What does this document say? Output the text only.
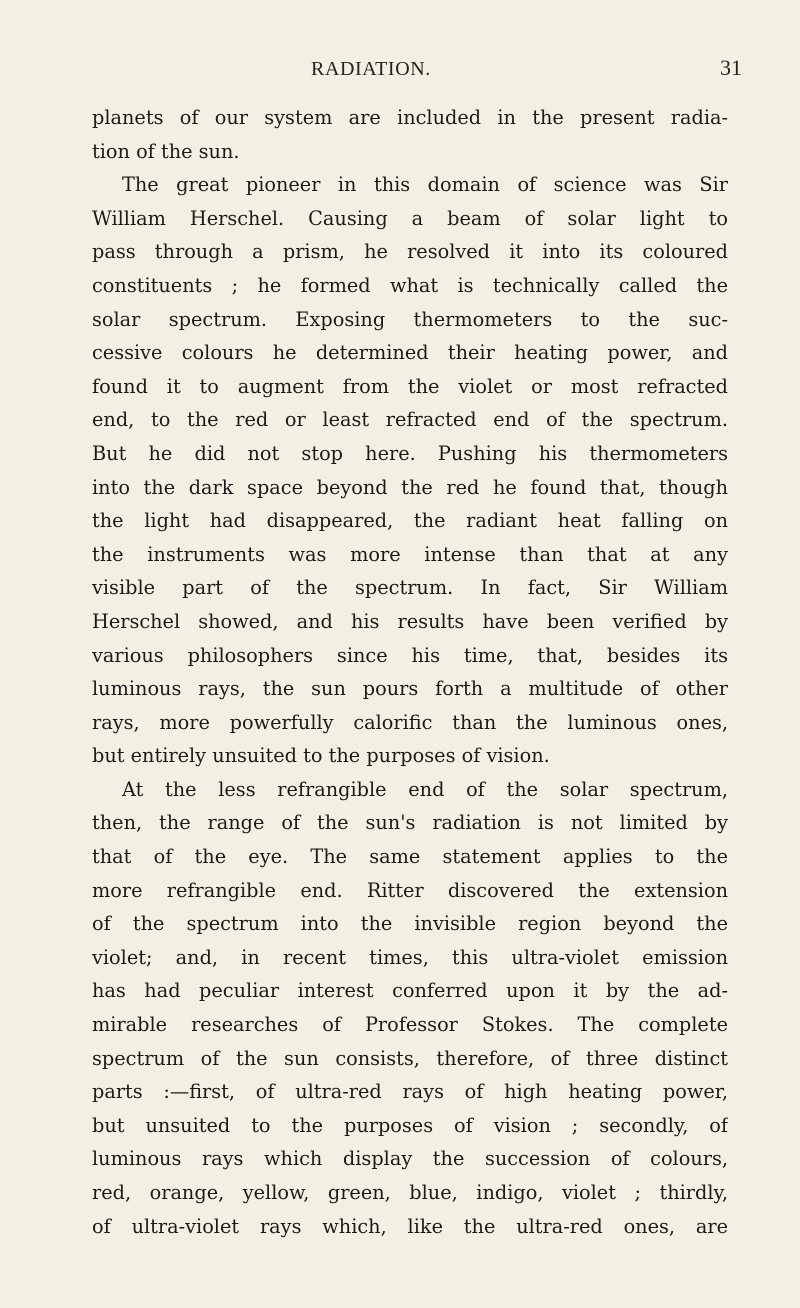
RADIATION.	31
planets of our system are included in the present radia-
tion of the sun.
The great pioneer in this domain of science was Sir
William Herschel. Causing a beam of solar light to
pass through a prism, he resolved it into its coloured
constituents ; he formed what is technically called the
solar spectrum. Exposing thermometers to the suc-
cessive colours he determined their heating power, and
found it to augment from the violet or most refracted
end, to the red or least refracted end of the spectrum.
But he did not stop here. Pushing his thermometers
into the dark space beyond the red he found that, though
the light had disappeared, the radiant heat falling on
the instruments was more intense than that at any
visible part of the spectrum. In fact, Sir William
Herschel showed, and his results have been verified by
various philosophers since his time, that, besides its
luminous rays, the sun pours forth a multitude of other
rays, more powerfully calorific than the luminous ones,
but entirely unsuited to the purposes of vision.
At the less refrangible end of the solar spectrum,
then, the range of the sun's radiation is not limited by
that of the eye. The same statement applies to the
more refrangible end. Ritter discovered the extension
of the spectrum into the invisible region beyond the
violet; and, in recent times, this ultra-violet emission
has had peculiar interest conferred upon it by the ad-
mirable researches of Professor Stokes. The complete
spectrum of the sun consists, therefore, of three distinct
parts :—first, of ultra-red rays of high heating power,
but unsuited to the purposes of vision ; secondly, of
luminous rays which display the succession of colours,
red, orange, yellow, green, blue, indigo, violet ; thirdly,
of ultra-violet rays which, like the ultra-red ones, are
